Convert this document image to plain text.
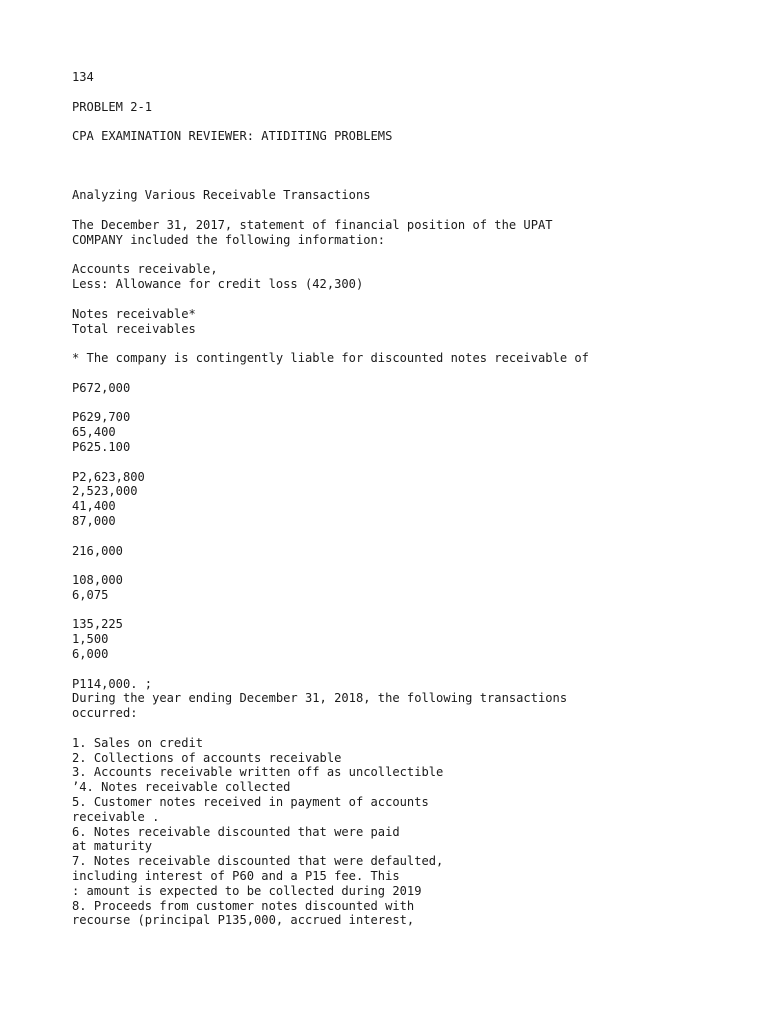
134
PROBLEM 2-1
CPA EXAMINATION REVIEWER: ATIDITING PROBLEMS
Analyzing Various Receivable Transactions
The December 31, 2017, statement of financial position of the UPAT
COMPANY included the following information:
Accounts receivable,
Less: Allowance for credit loss (42,300)
Notes receivable*
Total receivables
* The company is contingently liable for discounted notes receivable of
P672,000
P629,700
65,400
P625.100
P2,623,800
2,523,000
41,400
87,000
216,000
108,000
6,075
135,225
1,500
6,000
P114,000. ;
During the year ending December 31, 2018, the following transactions
occurred:
1. Sales on credit
2. Collections of accounts receivable
3. Accounts receivable written off as uncollectible
’4. Notes receivable collected
5. Customer notes received in payment of accounts
receivable .
6. Notes receivable discounted that were paid
at maturity
7. Notes receivable discounted that were defaulted,
including interest of P60 and a P15 fee. This
: amount is expected to be collected during 2019
8. Proceeds from customer notes discounted with
recourse (principal P135,000, accrued interest,
